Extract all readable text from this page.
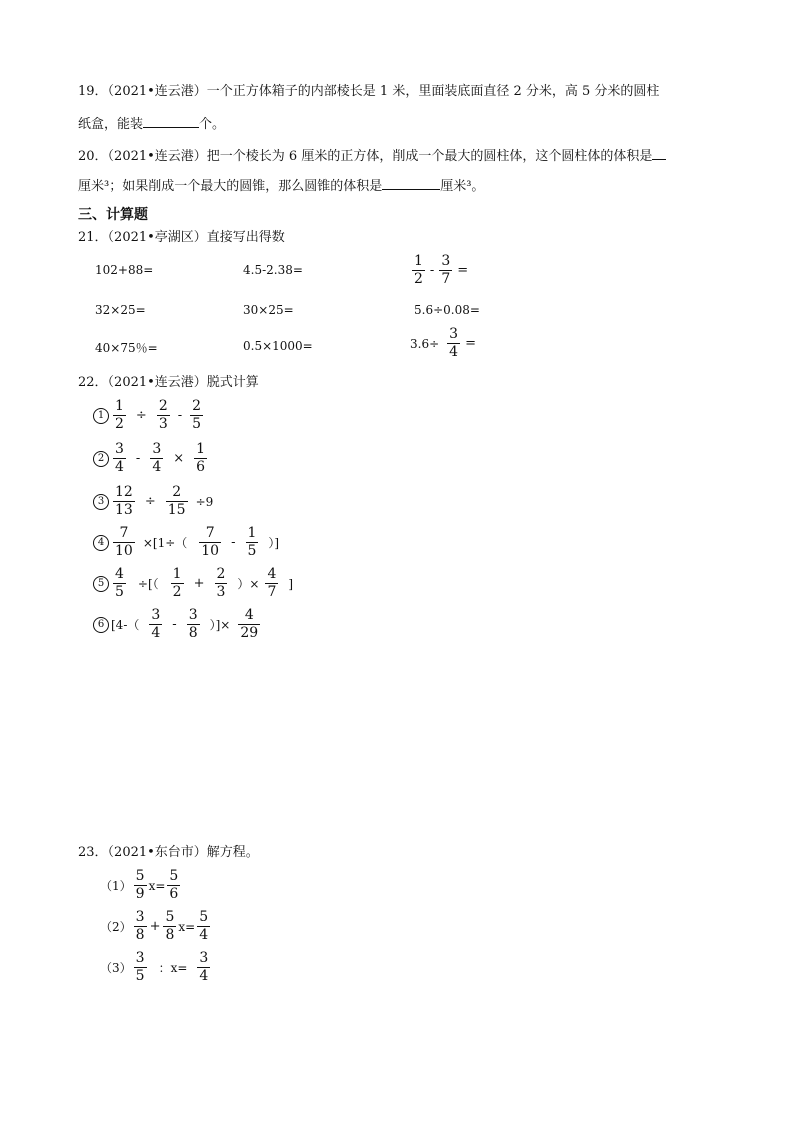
19．（2021•连云港）一个正方体箱子的内部棱长是 1 米，里面装底面直径 2 分米，高 5 分米的圆柱
纸盒，能装	个。
20．（2021•连云港）把一个棱长为 6 厘米的正方体，削成一个最大的圆柱体，这个圆柱体的体积是
厘米³；如果削成一个最大的圆锥，那么圆锥的体积是	厘米³。
三、计算题
21．（2021•亭湖区）直接写出得数
102+88=	4.5-2.38=	$\frac{1}{2} - \frac{3}{7}$ =
32×25=	30×25=	5.6÷0.08=
40×75％=	0.5×1000=	$3.6\div \frac{3}{4}$ =
22．（2021•连云港）脱式计算
$1 \frac{1}{2} \div \frac{2}{3} - \frac{2}{5}$
$2 \frac{3}{4} - \frac{3}{4} \times \frac{1}{6}$
$3 \frac{12}{13} \div \frac{2}{15} \div 9$
$4 \frac{7}{10} \times[1\div( \frac{7}{10} - \frac{1}{5}$ ）]
$5 \frac{4}{5}$ ÷[（ $\frac{1}{2} + \frac{2}{3}$ ）× $\frac{4}{7}$ ]
6 [$4-( \frac{3}{4} - \frac{3}{8}$ ）]× $\frac{4}{29}$
23．（2021•东台市）解方程。
$(1) \frac{5}{9} x= \frac{5}{6}$
$(2) \frac{3}{8} + \frac{5}{8} x= \frac{5}{4}$
$(3) \frac{3}{5}$ ：$x= \frac{3}{4}$
